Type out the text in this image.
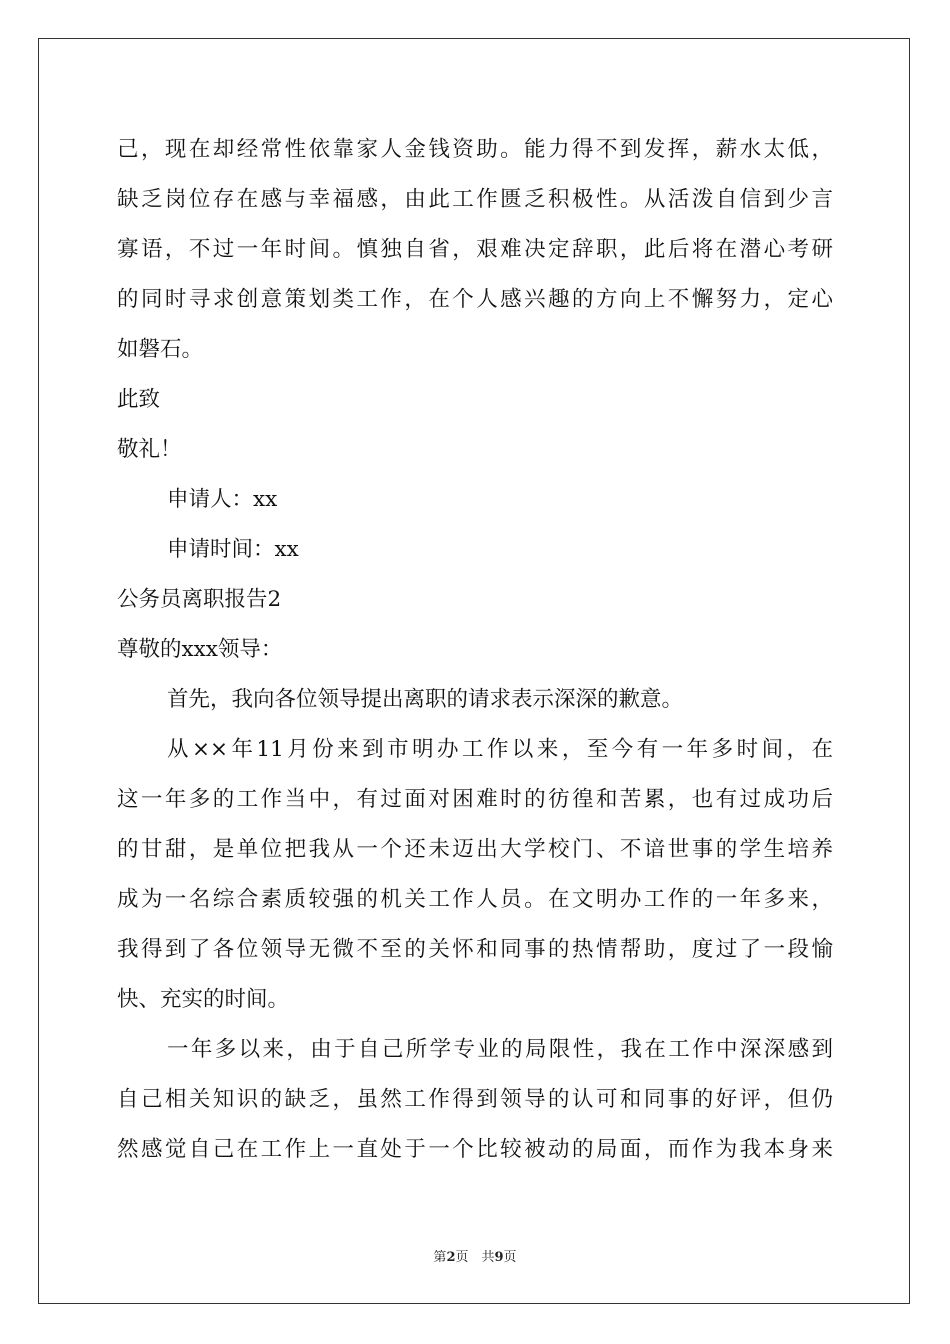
己，现在却经常性依靠家人金钱资助。能力得不到发挥，薪水太低，
缺乏岗位存在感与幸福感，由此工作匮乏积极性。从活泼自信到少言
寡语，不过一年时间。慎独自省，艰难决定辞职，此后将在潜心考研
的同时寻求创意策划类工作，在个人感兴趣的方向上不懈努力，定心
如磐石。
此致
敬礼！
申请人：xx
申请时间：xx
公务员离职报告2
尊敬的xxx领导：
首先，我向各位领导提出离职的请求表示深深的歉意。
从××年11月份来到市明办工作以来，至今有一年多时间，在
这一年多的工作当中，有过面对困难时的彷徨和苦累，也有过成功后
的甘甜，是单位把我从一个还未迈出大学校门、不谙世事的学生培养
成为一名综合素质较强的机关工作人员。在文明办工作的一年多来，
我得到了各位领导无微不至的关怀和同事的热情帮助，度过了一段愉
快、充实的时间。
一年多以来，由于自己所学专业的局限性，我在工作中深深感到
自己相关知识的缺乏，虽然工作得到领导的认可和同事的好评，但仍
然感觉自己在工作上一直处于一个比较被动的局面，而作为我本身来
第2页　共9页
